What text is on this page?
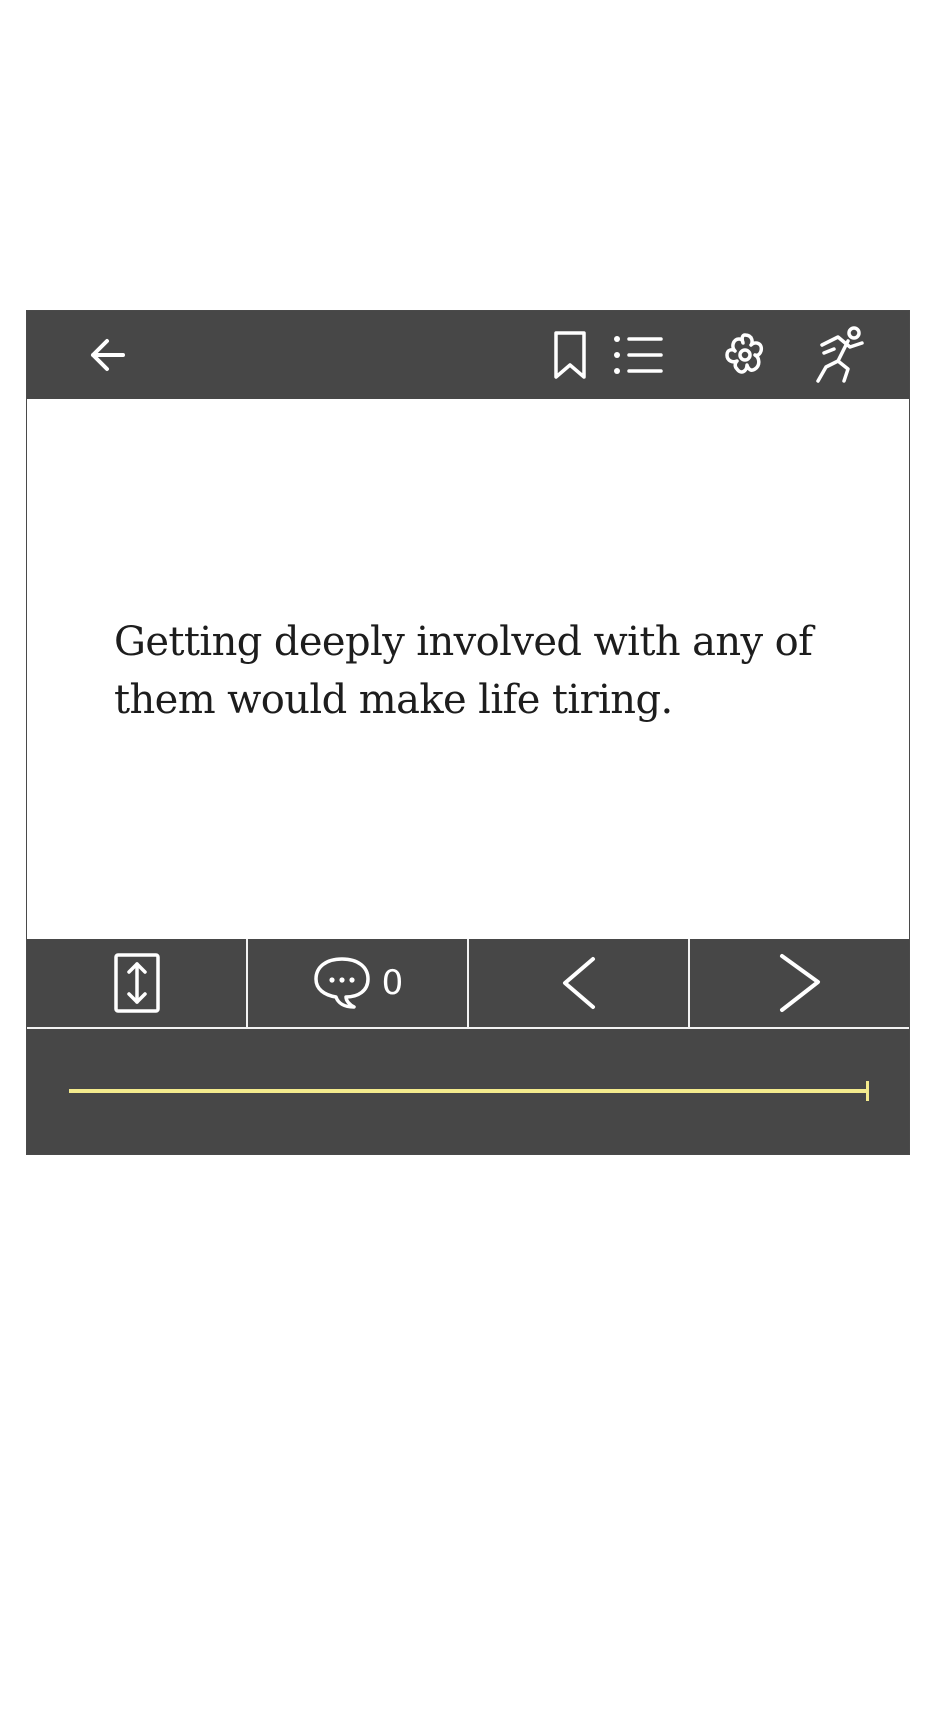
Getting deeply involved with any of them would make life tiring.
0
